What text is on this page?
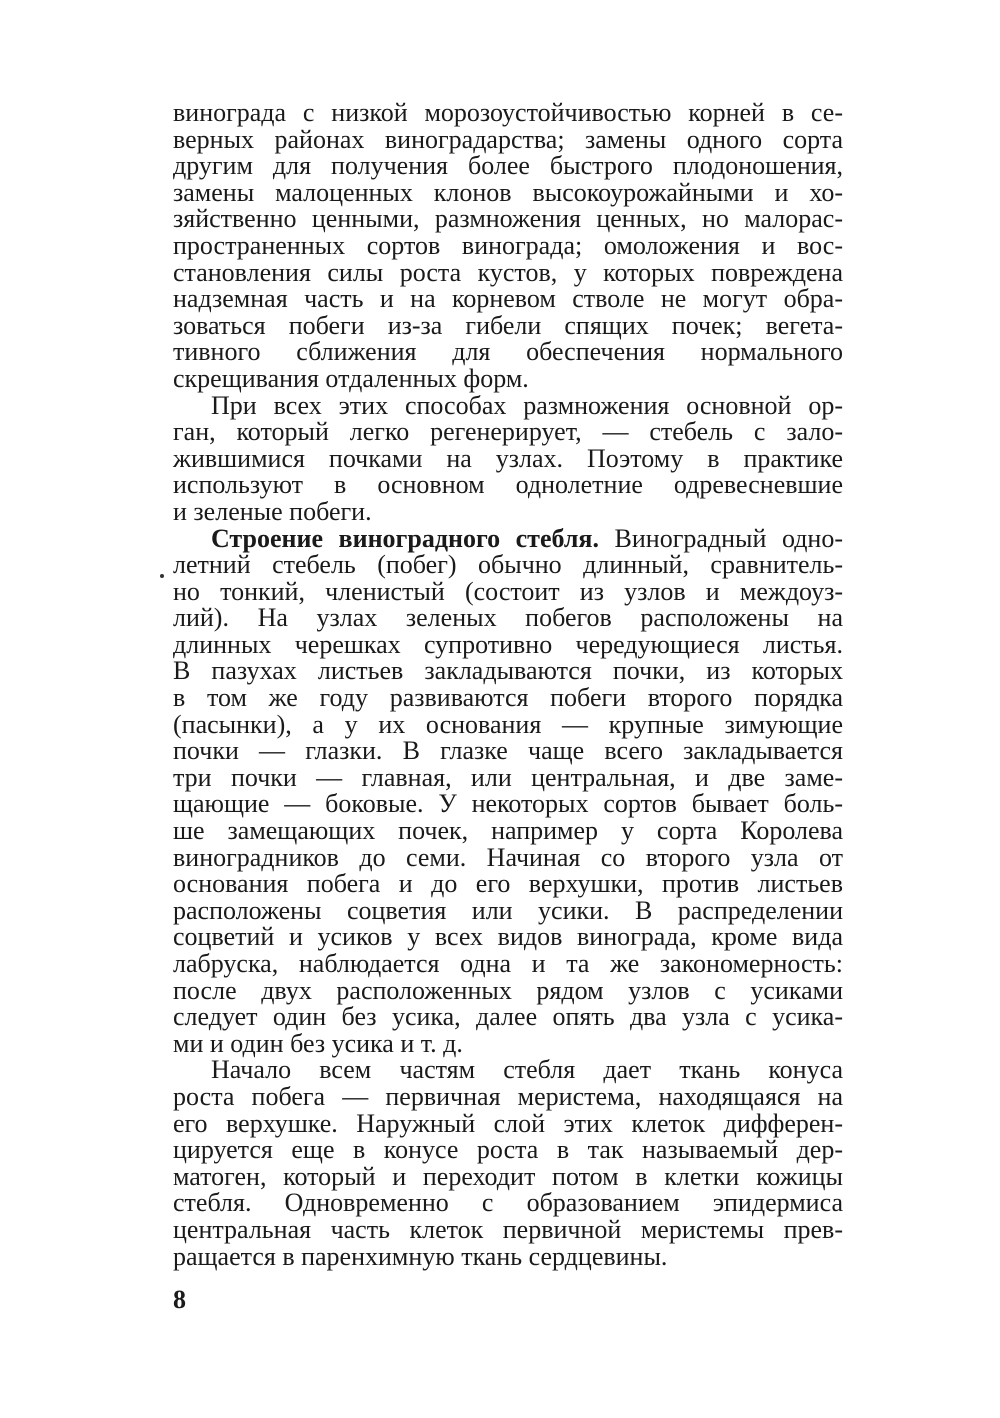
винограда с низкой морозоустойчивостью корней в се-
верных районах виноградарства; замены одного сорта
другим для получения более быстрого плодоношения,
замены малоценных клонов высокоурожайными и хо-
зяйственно ценными, размножения ценных, но малорас-
пространенных сортов винограда; омоложения и вос-
становления силы роста кустов, у которых повреждена
надземная часть и на корневом стволе не могут обра-
зоваться побеги из-за гибели спящих почек; вегета-
тивного сближения для обеспечения нормального
скрещивания отдаленных форм.
При всех этих способах размножения основной ор-
ган, который легко регенерирует, — стебель с зало-
жившимися почками на узлах. Поэтому в практике
используют в основном однолетние одревесневшие
и зеленые побеги.
Строение виноградного стебля. Виноградный одно-
летний стебель (побег) обычно длинный, сравнитель-
но тонкий, членистый (состоит из узлов и междоуз-
лий). На узлах зеленых побегов расположены на
длинных черешках супротивно чередующиеся листья.
В пазухах листьев закладываются почки, из которых
в том же году развиваются побеги второго порядка
(пасынки), а у их основания — крупные зимующие
почки — глазки. В глазке чаще всего закладывается
три почки — главная, или центральная, и две заме-
щающие — боковые. У некоторых сортов бывает боль-
ше замещающих почек, например у сорта Королева
виноградников до семи. Начиная со второго узла от
основания побега и до его верхушки, против листьев
расположены соцветия или усики. В распределении
соцветий и усиков у всех видов винограда, кроме вида
лабруска, наблюдается одна и та же закономерность:
после двух расположенных рядом узлов с усиками
следует один без усика, далее опять два узла с усика-
ми и один без усика и т. д.
Начало всем частям стебля дает ткань конуса
роста побега — первичная меристема, находящаяся на
его верхушке. Наружный слой этих клеток дифферен-
цируется еще в конусе роста в так называемый дер-
матоген, который и переходит потом в клетки кожицы
стебля. Одновременно с образованием эпидермиса
центральная часть клеток первичной меристемы прев-
ращается в паренхимную ткань сердцевины.
8
